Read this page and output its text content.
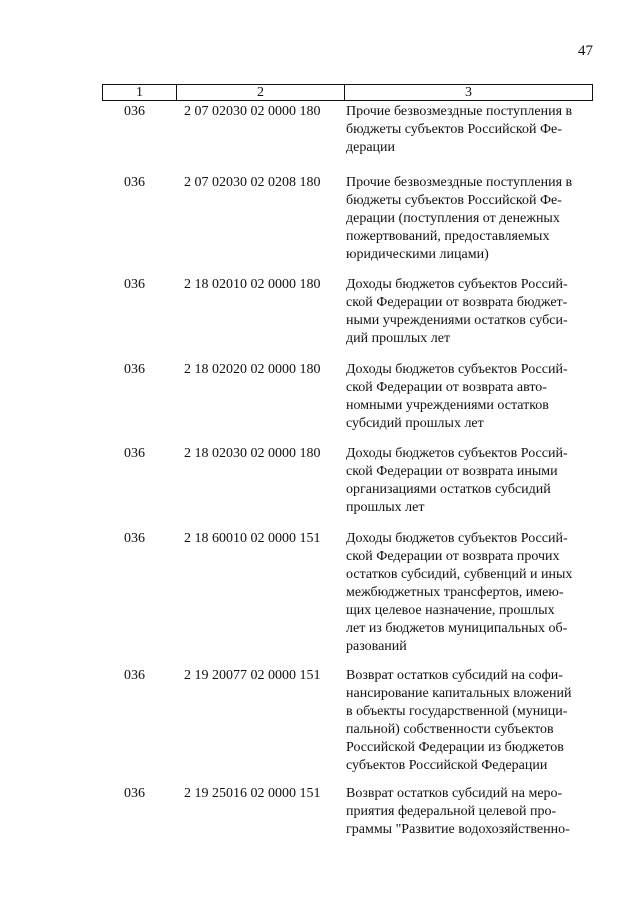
47
1	2	3
036	2 07 02030 02 0000 180 Прочие безвозмездные поступления в
бюджеты субъектов Российской Фе-
дерации
036	2 07 02030 02 0208 180 Прочие безвозмездные поступления в
бюджеты субъектов Российской Фе-
дерации (поступления от денежных
пожертвований, предоставляемых
юридическими лицами)
036	2 18 02010 02 0000 180 Доходы бюджетов субъектов Россий-
ской Федерации от возврата бюджет-
ными учреждениями остатков субси-
дий прошлых лет
036	2 18 02020 02 0000 180 Доходы бюджетов субъектов Россий-
ской Федерации от возврата авто-
номными учреждениями остатков
субсидий прошлых лет
036	2 18 02030 02 0000 180 Доходы бюджетов субъектов Россий-
ской Федерации от возврата иными
организациями остатков субсидий
прошлых лет
036	2 18 60010 02 0000 151 Доходы бюджетов субъектов Россий-
ской Федерации от возврата прочих
остатков субсидий, субвенций и иных
межбюджетных трансфертов, имею-
щих целевое назначение, прошлых
лет из бюджетов муниципальных об-
разований
036	2 19 20077 02 0000 151 Возврат остатков субсидий на софи-
нансирование капитальных вложений
в объекты государственной (муници-
пальной) собственности субъектов
Российской Федерации из бюджетов
субъектов Российской Федерации
036	2 19 25016 02 0000 151 Возврат остатков субсидий на меро-
приятия федеральной целевой про-
граммы "Развитие водохозяйственно-
